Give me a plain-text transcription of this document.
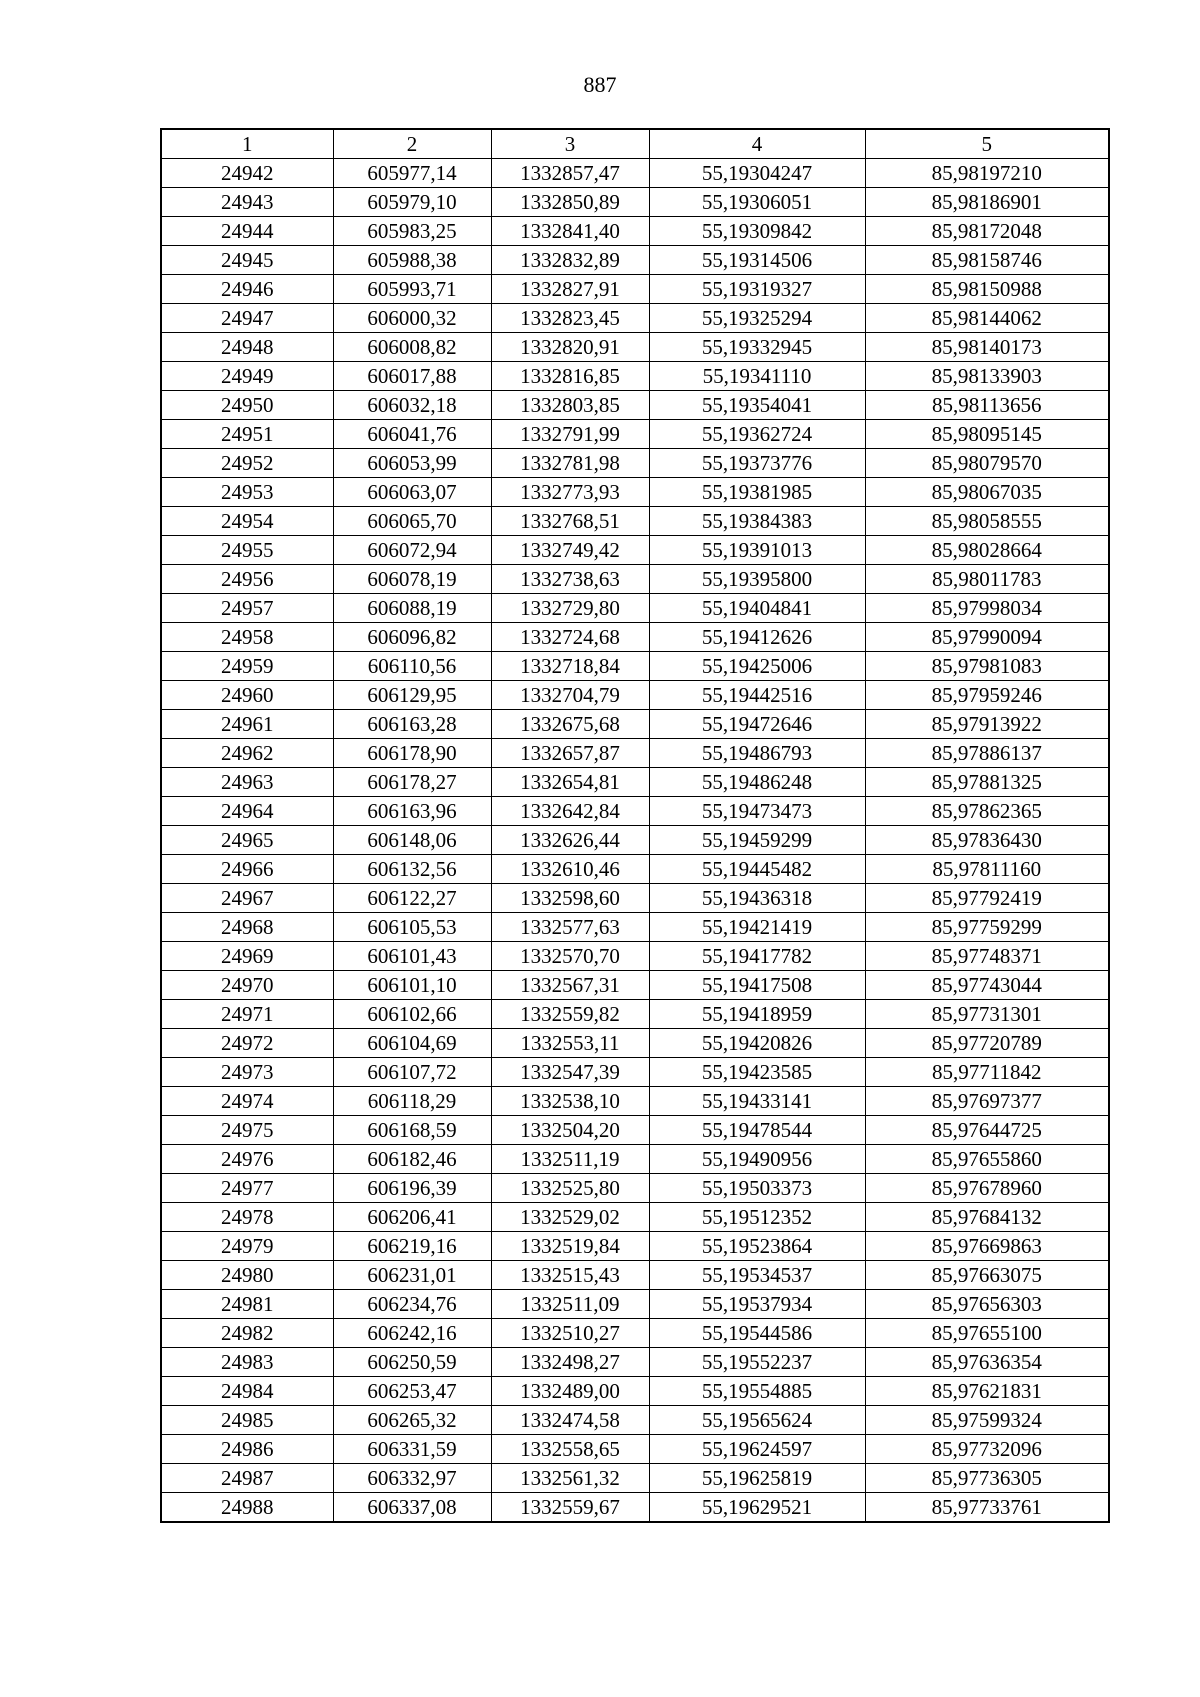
887
1	2	3	4	5
24942	605977,14	1332857,47	55,19304247	85,98197210
24943	605979,10	1332850,89	55,19306051	85,98186901
24944	605983,25	1332841,40	55,19309842	85,98172048
24945	605988,38	1332832,89	55,19314506	85,98158746
24946	605993,71	1332827,91	55,19319327	85,98150988
24947	606000,32	1332823,45	55,19325294	85,98144062
24948	606008,82	1332820,91	55,19332945	85,98140173
24949	606017,88	1332816,85	55,19341110	85,98133903
24950	606032,18	1332803,85	55,19354041	85,98113656
24951	606041,76	1332791,99	55,19362724	85,98095145
24952	606053,99	1332781,98	55,19373776	85,98079570
24953	606063,07	1332773,93	55,19381985	85,98067035
24954	606065,70	1332768,51	55,19384383	85,98058555
24955	606072,94	1332749,42	55,19391013	85,98028664
24956	606078,19	1332738,63	55,19395800	85,98011783
24957	606088,19	1332729,80	55,19404841	85,97998034
24958	606096,82	1332724,68	55,19412626	85,97990094
24959	606110,56	1332718,84	55,19425006	85,97981083
24960	606129,95	1332704,79	55,19442516	85,97959246
24961	606163,28	1332675,68	55,19472646	85,97913922
24962	606178,90	1332657,87	55,19486793	85,97886137
24963	606178,27	1332654,81	55,19486248	85,97881325
24964	606163,96	1332642,84	55,19473473	85,97862365
24965	606148,06	1332626,44	55,19459299	85,97836430
24966	606132,56	1332610,46	55,19445482	85,97811160
24967	606122,27	1332598,60	55,19436318	85,97792419
24968	606105,53	1332577,63	55,19421419	85,97759299
24969	606101,43	1332570,70	55,19417782	85,97748371
24970	606101,10	1332567,31	55,19417508	85,97743044
24971	606102,66	1332559,82	55,19418959	85,97731301
24972	606104,69	1332553,11	55,19420826	85,97720789
24973	606107,72	1332547,39	55,19423585	85,97711842
24974	606118,29	1332538,10	55,19433141	85,97697377
24975	606168,59	1332504,20	55,19478544	85,97644725
24976	606182,46	1332511,19	55,19490956	85,97655860
24977	606196,39	1332525,80	55,19503373	85,97678960
24978	606206,41	1332529,02	55,19512352	85,97684132
24979	606219,16	1332519,84	55,19523864	85,97669863
24980	606231,01	1332515,43	55,19534537	85,97663075
24981	606234,76	1332511,09	55,19537934	85,97656303
24982	606242,16	1332510,27	55,19544586	85,97655100
24983	606250,59	1332498,27	55,19552237	85,97636354
24984	606253,47	1332489,00	55,19554885	85,97621831
24985	606265,32	1332474,58	55,19565624	85,97599324
24986	606331,59	1332558,65	55,19624597	85,97732096
24987	606332,97	1332561,32	55,19625819	85,97736305
24988	606337,08	1332559,67	55,19629521	85,97733761
